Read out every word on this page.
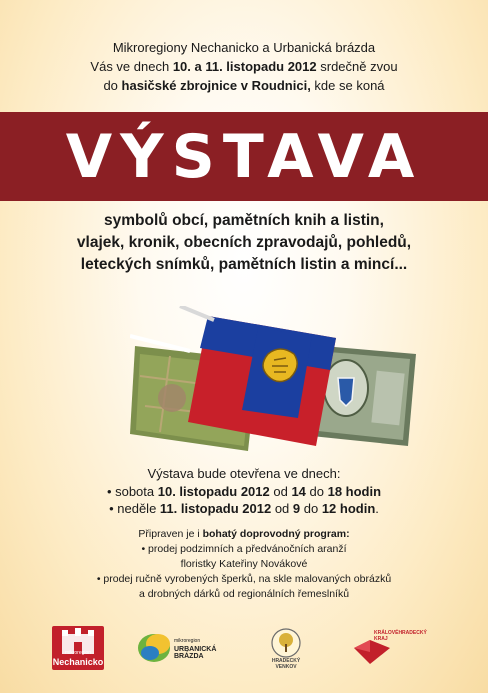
Mikroregiony Nechanicko a Urbanická brázda
Vás ve dnech 10. a 11. listopadu 2012 srdečně zvou
do hasičské zbrojnice v Roudnici, kde se koná
VÝSTAVA
symbolů obcí, pamětních knih a listin,
vlajek, kronik, obecních zpravodajů, pohledů,
leteckých snímků, pamětních listin a mincí...
Výstava bude otevřena ve dnech:
• sobota 10. listopadu 2012 od 14 do 18 hodin
• neděle 11. listopadu 2012 od 9 do 12 hodin.
Připraven je i bohatý doprovodný program:
• prodej podzimních a předvánočních aranží
floristky Kateřiny Novákové
• prodej ručně vyrobených šperků, na skle malovaných obrázků
a drobných dárků od regionálních řemeslníků
mikroregion
Nechanicko
mikroregion
URBANICKÁ BRÁZDA
HRADECKÝ VENKOV
KRÁLOVÉHRADECKÝ KRAJ
